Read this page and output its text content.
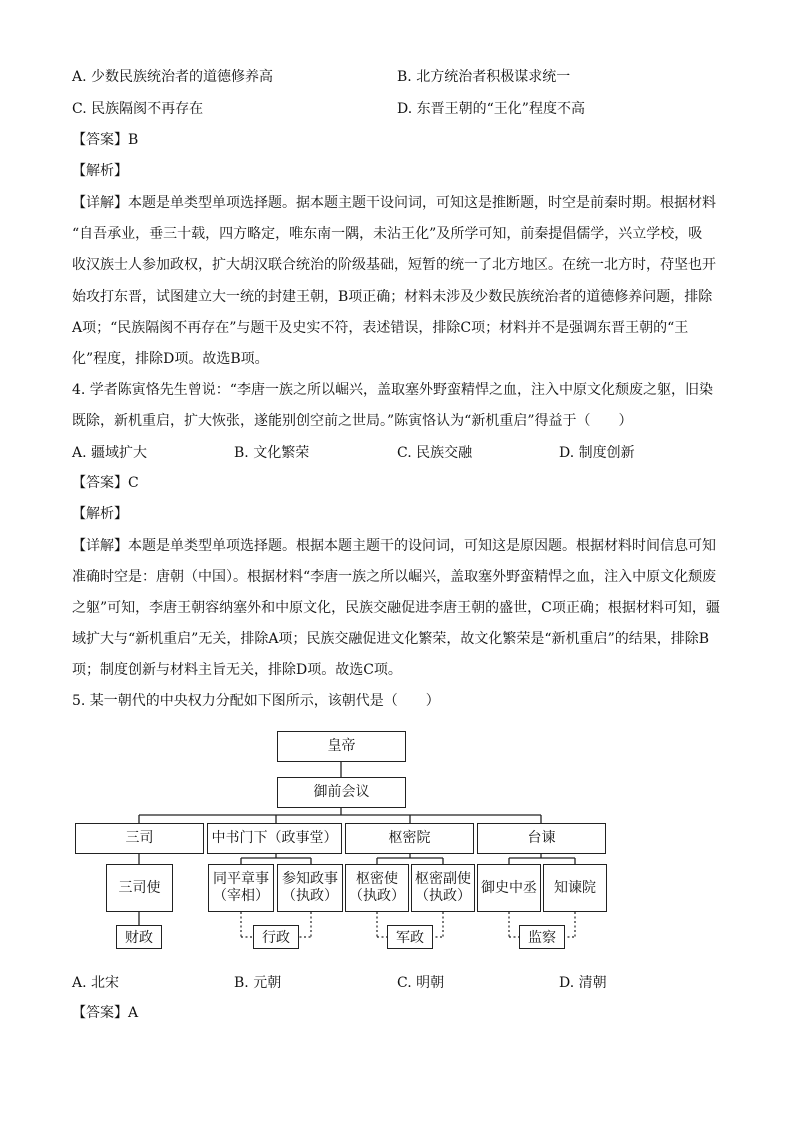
A. 少数民族统治者的道德修养高	B. 北方统治者积极谋求统一
C. 民族隔阂不再存在	D. 东晋王朝的“王化”程度不高
【答案】B
【解析】
【详解】本题是单类型单项选择题。据本题主题干设问词，可知这是推断题，时空是前秦时期。根据材料
“自吾承业，垂三十载，四方略定，唯东南一隅，未沾王化”及所学可知，前秦提倡儒学，兴立学校，吸
收汉族士人参加政权，扩大胡汉联合统治的阶级基础，短暂的统一了北方地区。在统一北方时，苻坚也开
始攻打东晋，试图建立大一统的封建王朝，B项正确；材料未涉及少数民族统治者的道德修养问题，排除
A项；“民族隔阂不再存在”与题干及史实不符，表述错误，排除C项；材料并不是强调东晋王朝的“王
化”程度，排除D项。故选B项。
4. 学者陈寅恪先生曾说：“李唐一族之所以崛兴，盖取塞外野蛮精悍之血，注入中原文化颓废之躯，旧染
既除，新机重启，扩大恢张，遂能别创空前之世局。”陈寅恪认为“新机重启”得益于（　　）
A. 疆域扩大	B. 文化繁荣	C. 民族交融	D. 制度创新
【答案】C
【解析】
【详解】本题是单类型单项选择题。根据本题主题干的设问词，可知这是原因题。根据材料时间信息可知
准确时空是：唐朝（中国）。根据材料“李唐一族之所以崛兴，盖取塞外野蛮精悍之血，注入中原文化颓废
之躯”可知，李唐王朝容纳塞外和中原文化，民族交融促进李唐王朝的盛世，C项正确；根据材料可知，疆
域扩大与“新机重启”无关，排除A项；民族交融促进文化繁荣，故文化繁荣是“新机重启”的结果，排除B
项；制度创新与材料主旨无关，排除D项。故选C项。
5. 某一朝代的中央权力分配如下图所示，该朝代是（　　）
皇帝
御前会议
三司	中书门下（政事堂）	枢密院	台谏
三司使
同平章事
（宰相）
参知政事
（执政）
枢密使
（执政）
枢密副使
（执政）
御史中丞	知谏院
财政	行政	军政	监察
A. 北宋	B. 元朝	C. 明朝	D. 清朝
【答案】A
